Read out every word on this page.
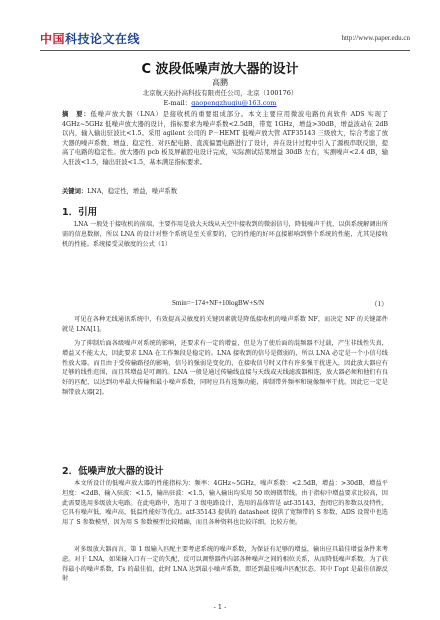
中国科技论文在线	http://www.paper.edu.cn
C 波段低噪声放大器的设计
高鹏
北京航天拓扑高科技有限责任公司，北京（100176）
E-mail：gaopengzhuqiu@163.com
摘　要：低噪声放大器（LNA）是接收机的重要组成部分。本文主要应用微波电路仿真软件 ADS 实现了 4GHz~5GHz 低噪声放大器的设计，指标要求为噪声系数<2.5dB，带宽 1GHz，增益>30dB，增益波动在 2dB 以内，输入输出驻波比<1.5。采用 agilent 公司的 P－HEMT 低噪声放大管 ATF35143 三级放大，综合考虑了放大器的噪声系数、增益、稳定性、对匹配电路、直流偏置电路进行了设计，并在设计过程中引入了源极串联反馈，提高了电路的稳定性。放大器的 pcb 板及屏蔽腔电设计完成，实际测试结果增益 30dB 左右，实测噪声<2.4 dB，输入驻波<1.5，输出驻波<1.5，基本满足指标要求。
关键词：LNA，稳定性，增益，噪声系数
1．引用

LNA 一般处于接收机的前端，主要作用是放大天线从天空中接收到的微弱信号，降低噪声干扰，以供系统解调出所需的信息数据，所以 LNA 的设计对整个系统是至关重要的，它的性能的好坏直接影响到整个系统的性能，尤其是接收机的性能。系统接受灵敏度的公式（1）

Smin=−174+NF+10logBW+S/N	（1）

可见在各种无线通讯系统中，有效提高灵敏度的关键因素就是降低接收机的噪声系数 NF，而决定 NF 的关键部件就是 LNA[1]。

为了抑制后面各级噪声对系统的影响，还要求有一定的增益，但是为了使后面的混频器不过载，产生非线性失真，增益又不能太大，因此要求 LNA 在工作频段是稳定的。LNA 接收到的信号是微弱的，所以 LNA 必定是一个小信号线性放大器。而且由于受传输路径的影响，信号的强弱是变化的，在接收信号时又伴有许多强干扰进入，因此放大器应有足够的线性范围，而且其增益是可调的。LNA 一般是通过传输线直接与天线或天线滤波器相连，放大器必须和他们有良好的匹配，以达到功率最大传输和最小噪声系数，同时应具有选频功能，抑制带外频率和镜像频率干扰。因此它一定是频带放大器[2]。

2．低噪声放大器的设计

本文所设计的低噪声放大器的性能指标为：频率：4GHz~5GHz，噪声系数：<2.5dB，增益：>30dB，增益平坦度：<2dB，输入驻波：<1.5，输出驻波：<1.5，输入输出均采用 50 欧姆微带线。由于指标中增益要求比较高，因此需要选用多级放大电路。在此电路中，选用了 3 级电路设计，选用的晶体管是 atf-35143，查阅它的参数以及特性，它具有噪声低，噪声高，低温性能好等优点。atf-35143 提供的 datasheet 提供了宽频带的 S 参数，ADS 设置中也选用了 S 参数模型，因为用 S 参数模型比较精确，而且各种资料也比较详细，比较方便。

对多级放大器而言，第 1 级输入匹配主要考虑系统的噪声系数，为保证有足够的增益，输出应具最佳增益条件来考虑。对于 LNA，如果输入口有一定的失配，反可以调整器件内部各种噪声之间的相位关系，从而降低噪声系数。为了获得最小的噪声系数，Γs 的最佳值，此时 LNA 达到最小噪声系数，即还到最佳噪声匹配状态。其中 Γopt 是最佳信源反射

- 1 -
